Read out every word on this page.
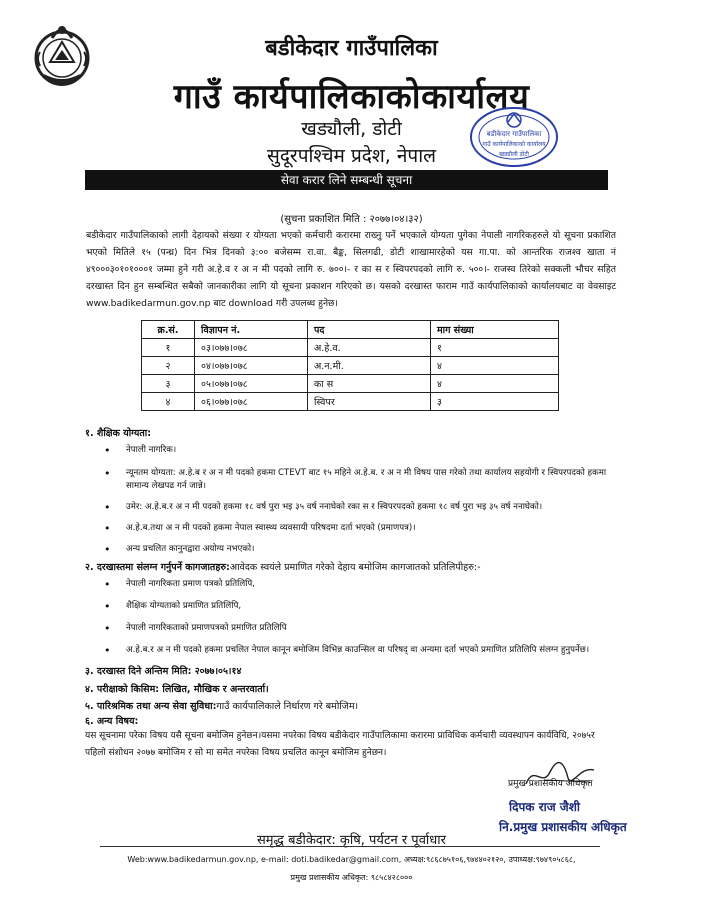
बडीकेदार गाउँपालिका
गाउँ कार्यपालिकाकोकार्यालय
खड्यौली, डोटी
सुदूरपश्चिम प्रदेश, नेपाल
बडीकेदार गाउँपालिका
गाउँ कार्यपालिकाको कार्यालय
खड्यौली डोटी
सेवा करार लिने सम्बन्धी सूचना
(सुचना प्रकाशित मिति : २०७७।०४।३२)
बडीकेदार गाउँपालिकाको लागी देहायको संख्या र योग्यता भएको कर्मचारी करारमा राख्नु पर्ने भएकाले योग्यता पुगेका नेपाली नागरिकहरुले यो सूचना प्रकाशित भएको मितिले १५ (पन्ध्र) दिन भित्र दिनको ३:०० बजेसम्म रा.वा. बैङ्क, सिलगढी, डोटी शाखामारहेको यस गा.पा. को आन्तरिक राजश्व खाता नं ४९०००३०१०१०००१ जम्मा हुने गरी अ.हे.व र अ न मी पदको लागि रु. ७००।- र का स र स्विपरपदको लागि रु. ५००।- राजस्व तिरेको सक्कली भौचर सहित दरखास्त दिन हुन सम्बन्धित सबैको जानकारीका लागि यो सूचना प्रकाशन गरिएको छ। यसको दरखास्त फाराम गाउँ कार्यपालिकाको कार्यालयबाट वा वेवसाइट www.badikedarmun.gov.np बाट download गरी उपलब्ध हुनेछ।
क्र.सं.	विज्ञापन नं.	पद	माग संख्या
१	०३।०७७।०७८	अ.हे.व.	१
२	०४।०७७।०७८	अ.न.मी.	४
३	०५।०७७।०७८	का स	४
४	०६।०७७।०७८	स्विपर	३
१. शैक्षिक योग्यता:
• नेपाली नागरिक।
• न्यूनतम योग्यता: अ.हे.ब र अ न मी पदको हकमा CTEVT बाट १५ महिने अ.हे.ब. र अ न मी विषय पास गरेको तथा कार्यालय सहयोगी र स्विपरपदको हकमा सामान्य लेखपढ गर्न जान्ने।
• उमेर: अ.हे.ब.र अ न मी पदको हकमा १८ वर्ष पुरा भइ ३५ वर्ष ननाघेको रका स र स्विपरपदको हकमा १८ वर्ष पुरा भइ ३५ वर्ष ननाघेको।
• अ.हे.ब.तथा अ न मी पदको हकमा नेपाल स्वास्थ्य व्यवसायी परिषदमा दर्ता भएको (प्रमाणपत्र)।
• अन्य प्रचलित कानुनद्वारा अयोग्य नभएको।
२. दरखास्तमा संलग्न गर्नुपर्ने कागजातहरु:आवेदक स्वयंले प्रमाणित गरेको देहाय बमोजिम कागजातको प्रतिलिपीहरु:-
• नेपाली नागरिकता प्रमाण पत्रको प्रतिलिपि,
• शैक्षिक योग्यताको प्रमाणित प्रतिलिपि,
• नेपाली नागरिकताको प्रमाणपत्रको प्रमाणित प्रतिलिपि
• अ.हे.ब.र अ न मी पदको हकमा प्रचलित नेपाल कानून बमोजिम विभिन्न काउन्सिल वा परिषद् वा अन्यमा दर्ता भएको प्रमाणित प्रतिलिपि संलग्न हुनुपर्नेछ।
३. दरखास्त दिने अन्तिम मिति: २०७७।०५।१४
४. परीक्षाको किसिम: लिखित, मौखिक र अन्तरवार्ता।
५. पारिश्रमिक तथा अन्य सेवा सुविधा:गाउँ कार्यपालिकाले निर्धारण गरे बमोजिम।
६. अन्य विषय:
यस सूचनामा परेका विषय यसै सूचना बमोजिम हुनेछन।यसमा नपरेका विषय बडीकेदार गाउँपालिकामा करारमा प्राविधिक कर्मचारी व्यवस्थापन कार्यविधि, २०७५र पहिलो संशोधन २०७७ बमोजिम र सो मा समेत नपरेका विषय प्रचलित कानून बमोजिम हुनेछन।
प्रमुख प्रशासकीय अधिकृत
दिपक राज जैशी
नि.प्रमुख प्रशासकीय अधिकृत
समृद्ध बडीकेदार: कृषि, पर्यटन र पूर्वाधार
Web:www.badikedarmun.gov.np, e-mail: doti.badikedar@gmail.com, अध्यक्ष:९८६८७५१०६,९७४४०२१२०, उपाध्यक्ष:९७४९०५८६८,
प्रमुख प्रशासकीय अधिकृत: ९८५८४२८०००
